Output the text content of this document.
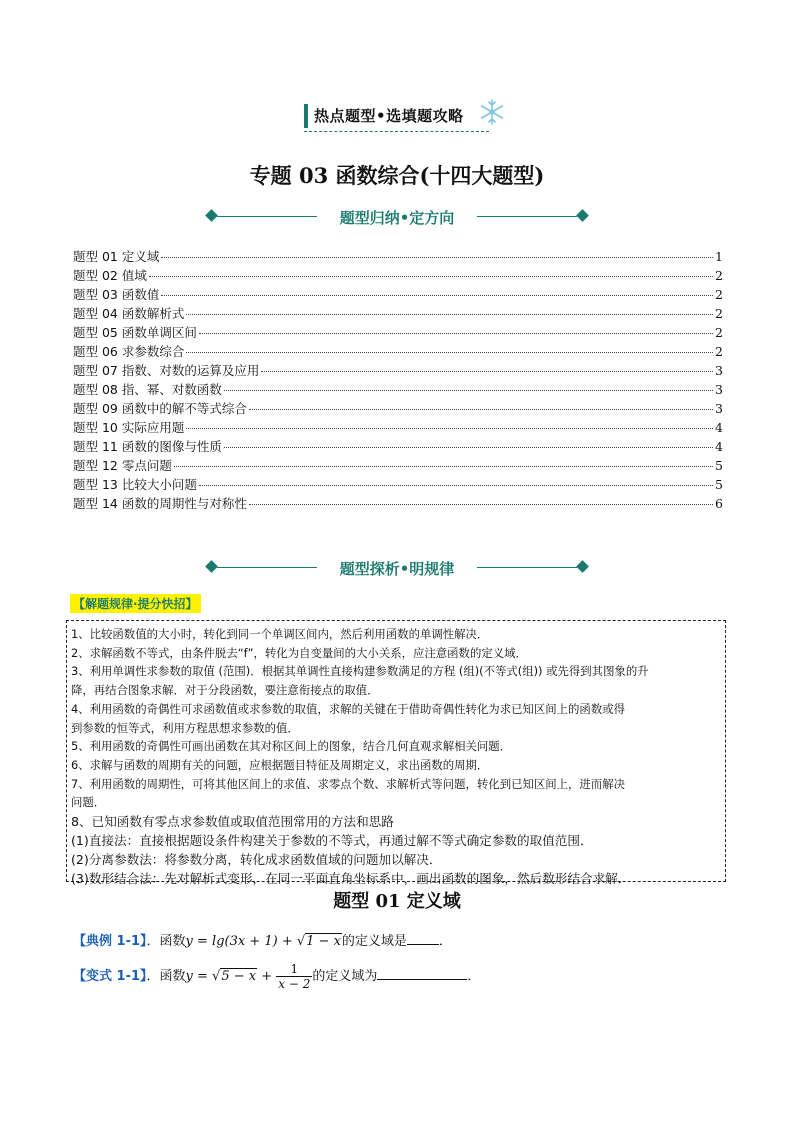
热点题型•选填题攻略
专题 03 函数综合(十四大题型)
题型归纳•定方向
题型 01 定义域	1
题型 02 值域	2
题型 03 函数值	2
题型 04 函数解析式	2
题型 05 函数单调区间	2
题型 06 求参数综合	2
题型 07 指数、对数的运算及应用	3
题型 08 指、幂、对数函数	3
题型 09 函数中的解不等式综合	3
题型 10 实际应用题	4
题型 11 函数的图像与性质	4
题型 12 零点问题	5
题型 13 比较大小问题	5
题型 14 函数的周期性与对称性	6
题型探析•明规律
【解题规律·提分快招】
1、比较函数值的大小时，转化到同一个单调区间内，然后利用函数的单调性解决．
2、求解函数不等式，由条件脱去“f”，转化为自变量间的大小关系，应注意函数的定义域．
3、利用单调性求参数的取值 (范围)．根据其单调性直接构建参数满足的方程 (组)(不等式(组)) 或先得到其图象的升
降，再结合图象求解．对于分段函数，要注意衔接点的取值．
4、利用函数的奇偶性可求函数值或求参数的取值，求解的关键在于借助奇偶性转化为求已知区间上的函数或得
到参数的恒等式，利用方程思想求参数的值．
5、利用函数的奇偶性可画出函数在其对称区间上的图象，结合几何直观求解相关问题．
6、求解与函数的周期有关的问题，应根据题目特征及周期定义，求出函数的周期．
7、利用函数的周期性，可将其他区间上的求值、求零点个数、求解析式等问题，转化到已知区间上，进而解决
问题．
8、已知函数有零点求参数值或取值范围常用的方法和思路
(1)直接法：直接根据题设条件构建关于参数的不等式，再通过解不等式确定参数的取值范围．
(2)分离参数法：将参数分离，转化成求函数值域的问题加以解决．
(3)数形结合法：先对解析式变形，在同一平面直角坐标系中，画出函数的图象，然后数形结合求解．
题型 01 定义域
【典例 1-1】．函数y = lg(3x + 1) + √1 − x的定义域是 ．
【变式 1-1】．函数$y = √5 - x + \frac{1}{x - 2}$ 的定义域为	．
